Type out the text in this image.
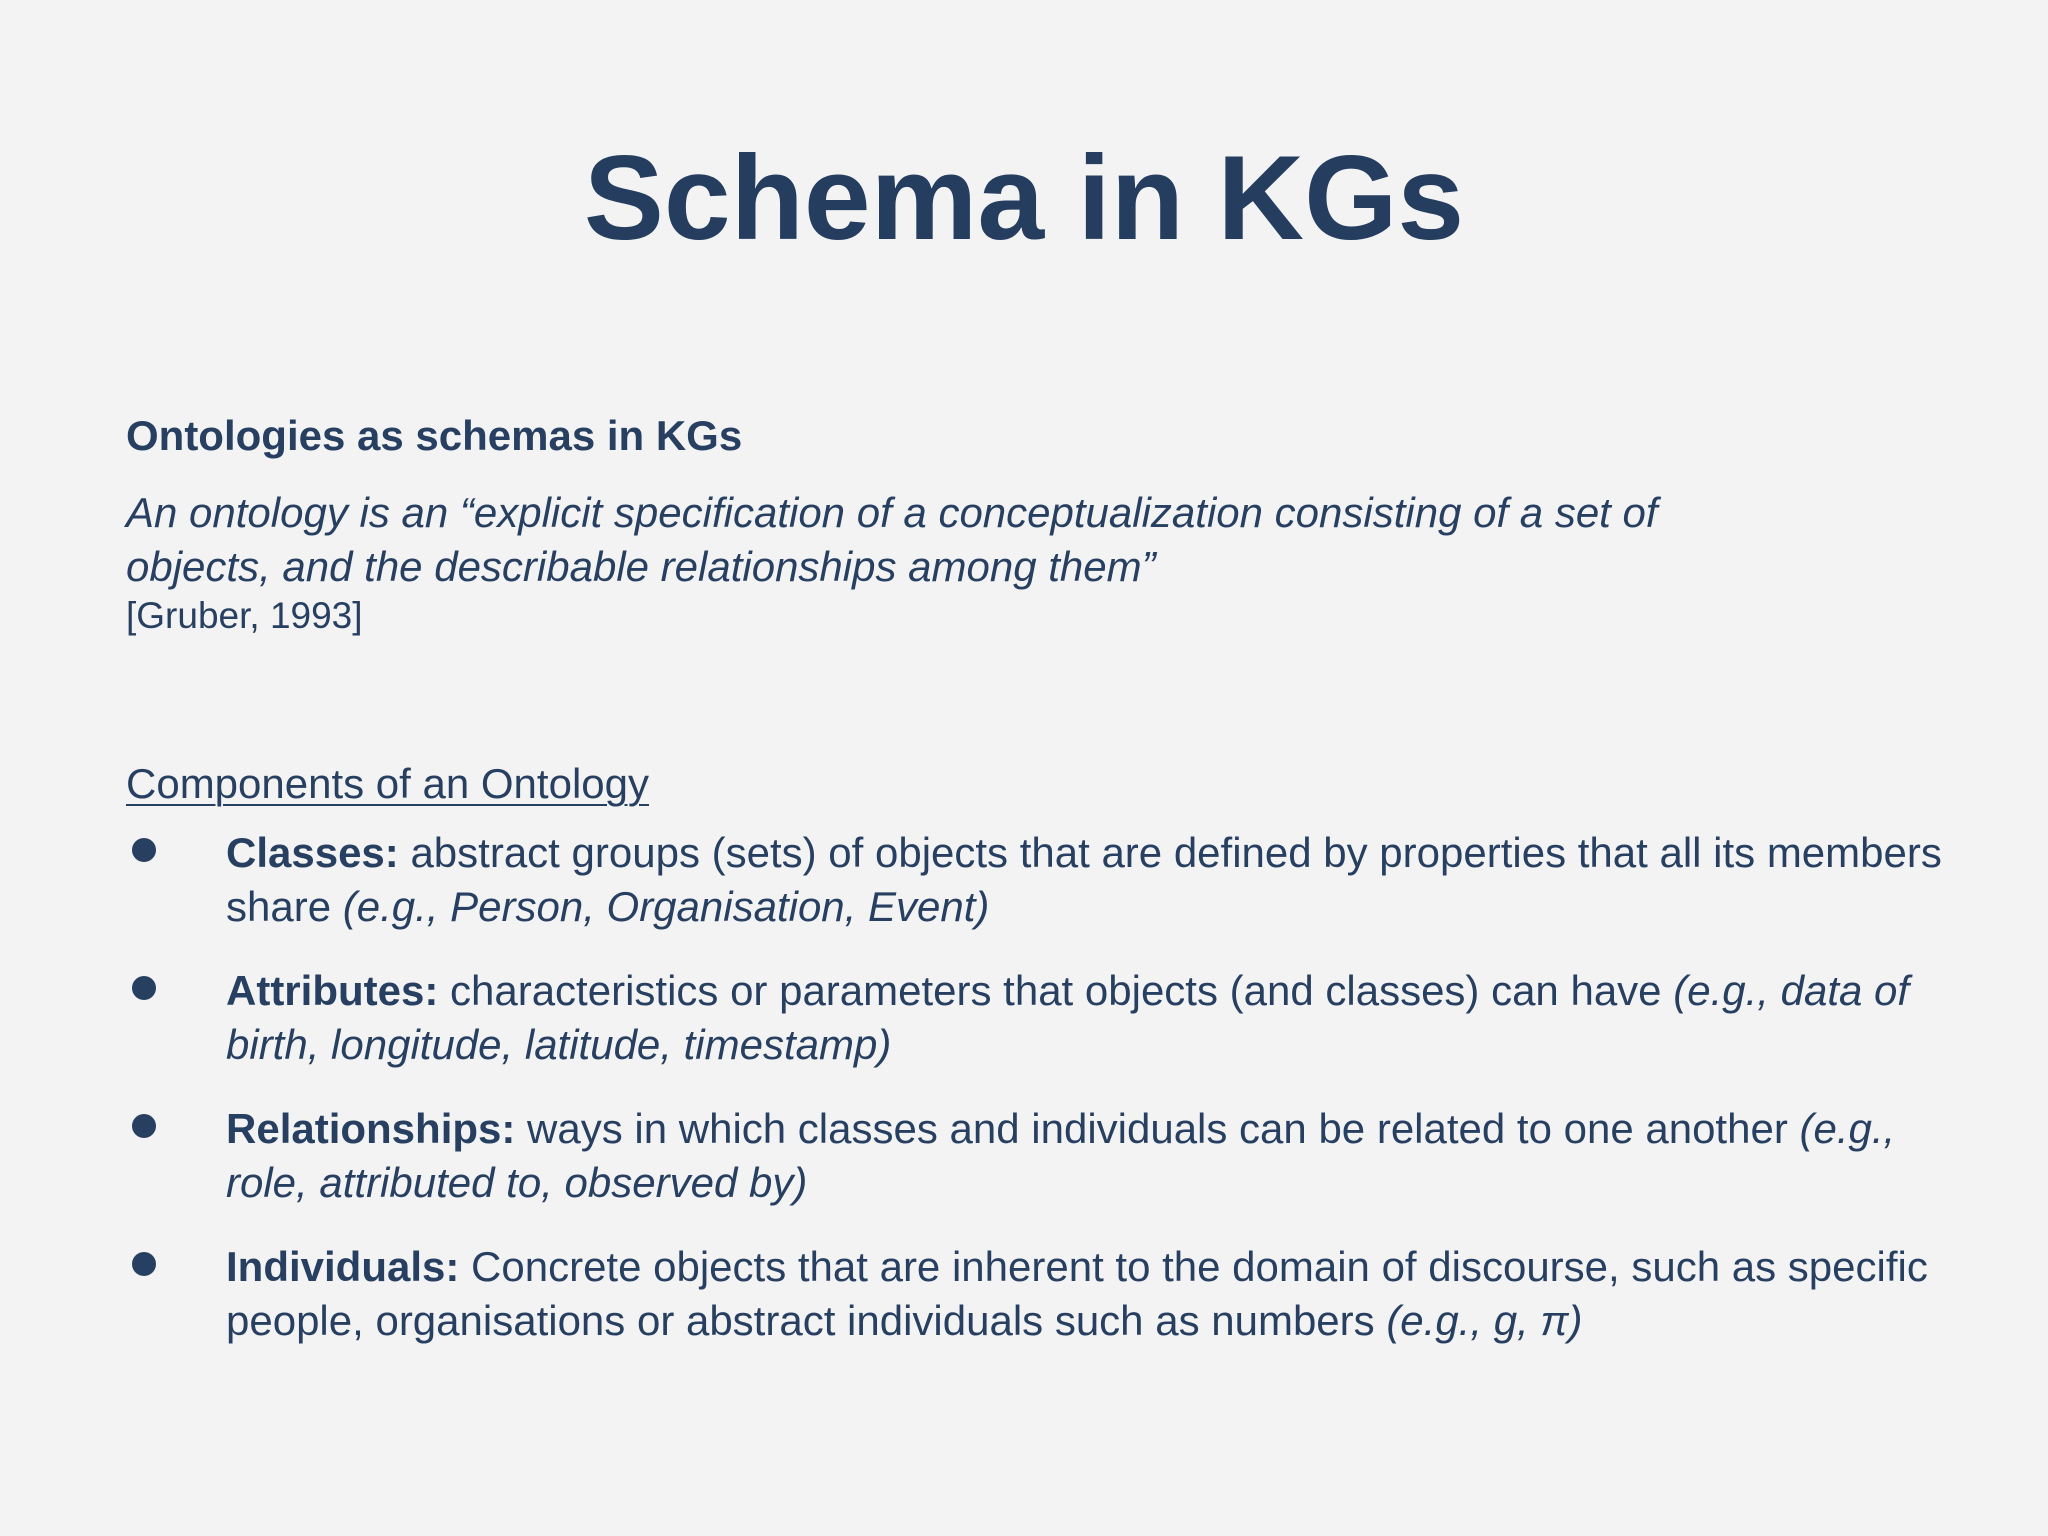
Schema in KGs

Ontologies as schemas in KGs

An ontology is an “explicit specification of a conceptualization consisting of a set of
objects, and the describable relationships among them”

[Gruber, 1993]

Components of an Ontology

Classes: abstract groups (sets) of objects that are defined by properties that all its members share (e.g., Person, Organisation, Event)
Attributes: characteristics or parameters that objects (and classes) can have (e.g., data of birth, longitude, latitude, timestamp)
Relationships: ways in which classes and individuals can be related to one another (e.g., role, attributed to, observed by)
Individuals: Concrete objects that are inherent to the domain of discourse, such as specific people, organisations or abstract individuals such as numbers (e.g., g, π)
